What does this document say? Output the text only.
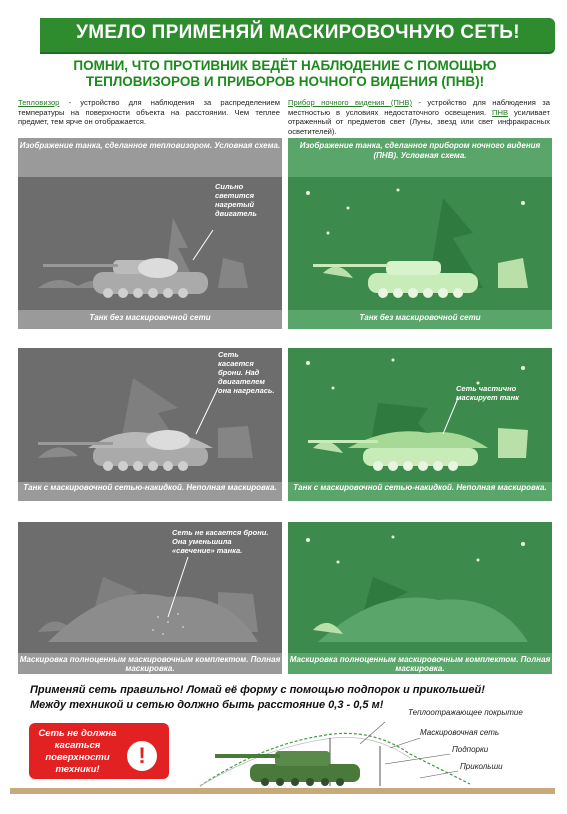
УМЕЛО ПРИМЕНЯЙ МАСКИРОВОЧНУЮ СЕТЬ!
ПОМНИ, ЧТО ПРОТИВНИК ВЕДЁТ НАБЛЮДЕНИЕ С ПОМОЩЬЮ ТЕПЛОВИЗОРОВ И ПРИБОРОВ НОЧНОГО ВИДЕНИЯ (ПНВ)!
Тепловизор - устройство для наблюдения за распределением температуры на поверхности объекта на расстоянии. Чем теплее предмет, тем ярче он отображается.
Прибор ночного видения (ПНВ) - устройство для наблюдения за местностью в условиях недостаточного освещения. ПНВ усиливает отраженный от предметов свет (Луны, звезд или свет инфракрасных осветителей).
Изображение танка, сделанное тепловизором. Условная схема.	Изображение танка, сделанное прибором ночного видения (ПНВ). Условная схема.
Сильно светится нагретый двигатель
Танк без маскировочной сети	Танк без маскировочной сети
Сеть касается брони. Над двигателем она нагрелась.
Танк с маскировочной сетью-накидкой. Неполная маскировка.
Сеть частично маскирует танк
Танк с маскировочной сетью-накидкой. Неполная маскировка.
Сеть не касается брони. Она уменьшила «свечение» танка.
Маскировка полноценным маскировочным комплектом. Полная маскировка.
Маскировка полноценным маскировочным комплектом. Полная маскировка.
Применяй сеть правильно! Ломай её форму с помощью подпорок и прикольшей!
Между техникой и сетью должно быть расстояние 0,3 - 0,5 м!
Сеть не должна касаться поверхности техники!
!
Теплоотражающее покрытие
Маскировочная сеть
Подпорки
Прикольши
